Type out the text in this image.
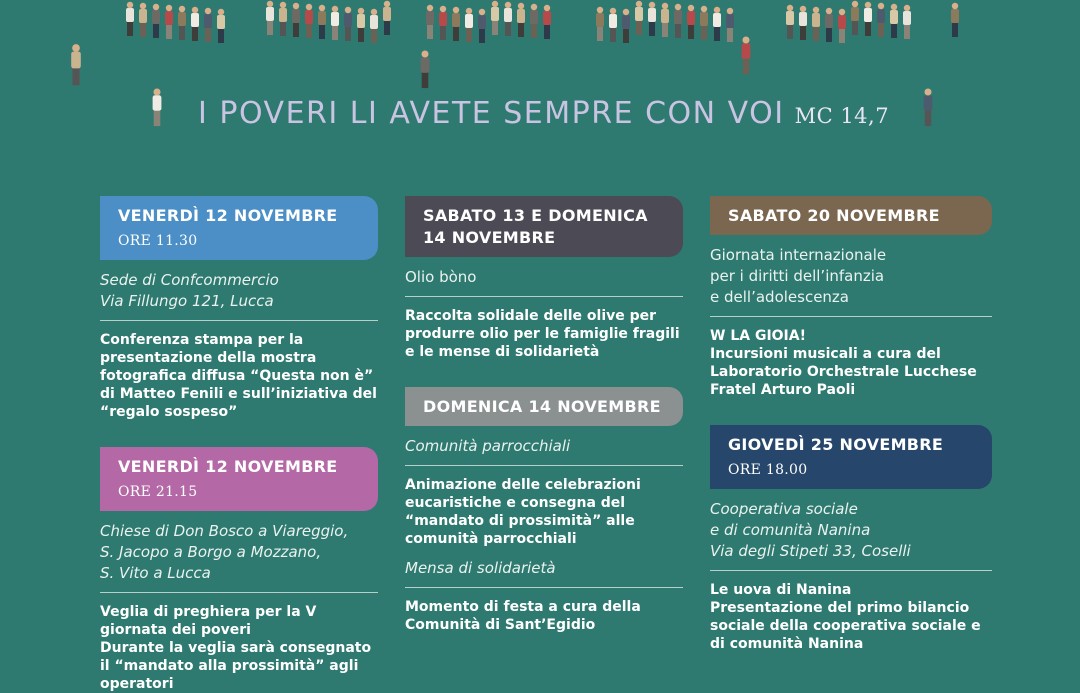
I POVERI LI AVETE SEMPRE CON VOI MC 14,7
VENERDÌ 12 NOVEMBRE
ORE 11.30
Sede di Confcommercio
Via Fillungo 121, Lucca
Conferenza stampa per la presentazione della mostra fotografica diffusa “Questa non è” di Matteo Fenili e sull’iniziativa del “regalo sospeso”
VENERDÌ 12 NOVEMBRE
ORE 21.15
Chiese di Don Bosco a Viareggio,
S. Jacopo a Borgo a Mozzano,
S. Vito a Lucca
Veglia di preghiera per la V giornata dei poveri
Durante la veglia sarà consegnato il “mandato alla prossimità” agli operatori
SABATO 13 E DOMENICA 14 NOVEMBRE
Olio bòno
Raccolta solidale delle olive per produrre olio per le famiglie fragili e le mense di solidarietà
DOMENICA 14 NOVEMBRE
Comunità parrocchiali
Animazione delle celebrazioni eucaristiche e consegna del “mandato di prossimità” alle comunità parrocchiali
Mensa di solidarietà
Momento di festa a cura della Comunità di Sant’Egidio
SABATO 20 NOVEMBRE
Giornata internazionale
per i diritti dell’infanzia
e dell’adolescenza
W LA GIOIA!
Incursioni musicali a cura del Laboratorio Orchestrale Lucchese Fratel Arturo Paoli
GIOVEDÌ 25 NOVEMBRE
ORE 18.00
Cooperativa sociale
e di comunità Nanina
Via degli Stipeti 33, Coselli
Le uova di Nanina
Presentazione del primo bilancio sociale della cooperativa sociale e di comunità Nanina
